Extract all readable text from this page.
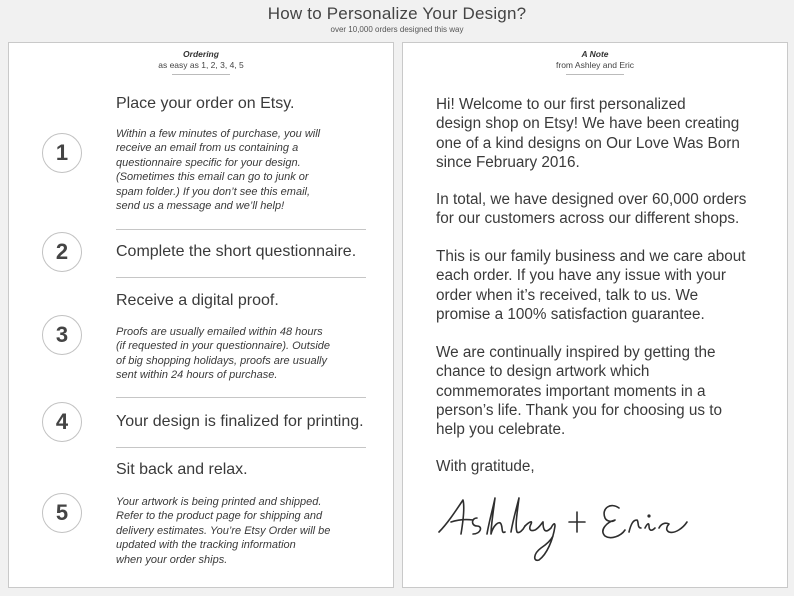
How to Personalize Your Design?
over 10,000 orders designed this way
Ordering
as easy as 1, 2, 3, 4, 5
1
Place your order on Etsy.
Within a few minutes of purchase, you will
receive an email from us containing a
questionnaire specific for your design.
(Sometimes this email can go to junk or
spam folder.) If you don’t see this email,
send us a message and we’ll help!
2	Complete the short questionnaire.
3
Receive a digital proof.
Proofs are usually emailed within 48 hours
(if requested in your questionnaire). Outside
of big shopping holidays, proofs are usually
sent within 24 hours of purchase.
4	Your design is finalized for printing.
5
Sit back and relax.
Your artwork is being printed and shipped.
Refer to the product page for shipping and
delivery estimates. You’re Etsy Order will be
updated with the tracking information
when your order ships.
A Note
from Ashley and Eric
Hi! Welcome to our first personalized
design shop on Etsy! We have been creating
one of a kind designs on Our Love Was Born
since February 2016.
In total, we have designed over 60,000 orders
for our customers across our different shops.
This is our family business and we care about
each order. If you have any issue with your
order when it’s received, talk to us. We
promise a 100% satisfaction guarantee.
We are continually inspired by getting the
chance to design artwork which
commemorates important moments in a
person’s life. Thank you for choosing us to
help you celebrate.
With gratitude,
